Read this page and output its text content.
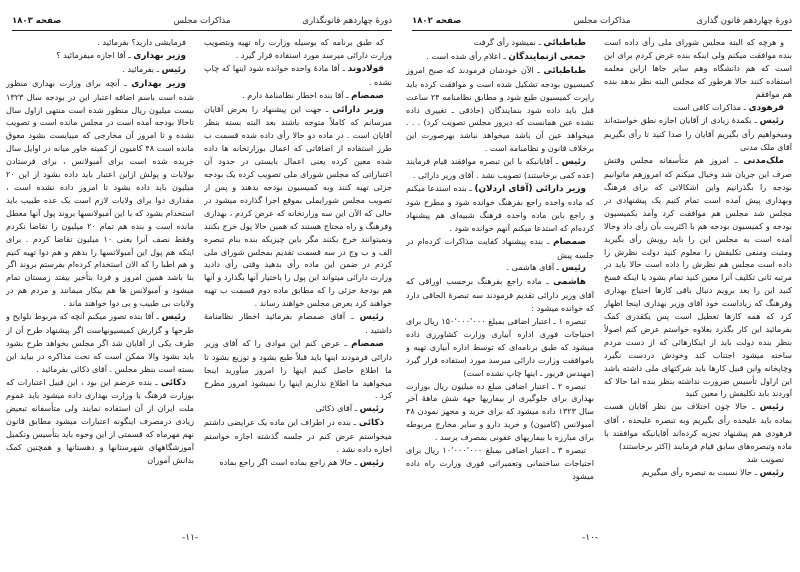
دورهٔ چهاردهم قانونگذاری
مذاکرات مجلس
صفحه ۱۸۰۳

که طبق برنامه که بوسیله وزارت راه تهیه وبتصویب وزارت دارائی میرسد مورد استفاده قرار گیرد .

فولادوند ـ آقا مادهٔ واحده خوانده شود اینها که چاپ نشده .

صمصام ـ آقا بنده اخطار نظامنامهٔ دارم .

وزیر دارائی ـ جهت این پیشنهاد را بعرض آقایان میرسانم که کاملاً متوجه باشند بعد البته بسته بنظر آقایان است . در ماده دو حالا رأی داده شده قسمت ب طرز استفاده از اضافاتی که اعمال بوزارتخانه ها داده شده معین کرده یعنی اعمال بایستی در حدود آن اعتباراتی که مجلس شورای ملی تصویب کرده یک بودجه جزئی تهیه کنند وبه کمیسیون بودجه بدهند و پس از تصویب مجلس شورایملی بموقع اجرا گذارده میشود در حالی که الآن این سه وزارتخانه که عرض کردم ، بهداری وفرهنگ و راه محتاج هستند که همین حالا پول خرج بکنند ونمیتوانند خرج بکنند مگر باین چیزیکه بنده بنام تبصره الف و ب وج در سه قسمت تقدیم بمجلس شورای ملی کردم در ضمن این ماده رأی بدهید وقتی رأی دادید وزارت دارائی میتواند این پول را باختیار آنها بگذارد و آنها هم بودجهٔ جزئی را که مطابق ماده دوم قسمت ب تهیه خواهند کرد بعرض مجلس خواهند رساند .

رئیس ـ آقای صمصام بفرمائید اخطار نظامنامهٔ داشتید .

صمصام ـ عرض کنم این موادی را که آقای وزیر دارائی فرمودند اینها باید قبلاً طبع بشود و توزیع بشود تا ما اطلاع حاصل کنیم اینها را امروز میآورید اینجا میخواهید ما اطلاع نداریم اینها را نمیشود امروز مطرح کرد .

رئیس ـ آقای ذکائی

ذکائی ـ بنده در اطراف این ماده یک عرایضی داشتم میخواستم عرض کنم در جلسه گذشته اجازه خواستم اجازه داده نشد .

رئیس ـ حالا هم راجع بماده است اگر راجع بماده

فرمایشی دارید؟ بفرمائید .

وزیر بهداری ـ آقا اجازه میفرمائید ؟

رئیس ـ بفرمائید .

وزیر بهداری ـ آنچه برای وزارت بهداری منظور شده است باسم اضافه اعتبار این در بودجه سال ۱۳۲۳ بیست میلیون ریال منظور شده است منتهی ازاول سال تاحالا بودجه آمده است در مجلس مانده است و تصویب نشده و تا امروز آن مخارجی که میبایست بشود معوق مانده است ۴۸ کامیون از کمیته خاور میانه در اوایل سال خریده شده است برای آمبولانس ، برای فرستادن بولایات و پولش ازاین اعتبار باید داده بشود از این ۲۰ میلیون باید داده بشود تا امروز داده نشده است ، مقداری دوا برای ولایات لازم است یک عده طبیب باید استخدام بشود که با این آمبولانسها بروند پول آنها معطل مانده است و بنده هم تمام ۲۰ میلیون را تقاضا نکردم وفقط نصف آنرا یعنی ۱۰ میلیون تقاضا کردم . برای اینکه هم پول این آمبولانسها را بدهم و هم دوا تهیه کنیم و هم اطبا را که الان استخدام کرده‌ام بفرستم بروند اگر بنا باشد همین امروز و فردا بتأخیر بیفتد زمستان تمام میشود و آمبولانس ها هم بیکار میمانند و مردم هم در ولایات بی طبیب و بی دوا خواهند ماند .

رئیس ـ آقا بنده تصور میکنم آنچه که مربوط بلوایح و طرحها و گزارش کمیسیونهاست اگر پیشنهاد طرح آن از طرف یکی از آقایان شد اگر مجلس بخواهد طرح بشود باید بشود والا ممکن است که تحت مذاکره در بیاید این بسته است بنظر مجلس . آقای ذکائی بفرمائید .

ذکائی ـ بنده عرضم این بود ، این قبیل اعتبارات که بوزارت فرهنگ یا وزارت بهداری داده میشود باید عموم ملت ایران از آن استفاده نمایند ولی متأسفانه تبعیض زیادی درمصرف اینگونه اعتبارات میشود مطابق قانون نهم مهرماه که قسمتی از این وجوه باید بتأسیس وتکمیل آموزشگاههای شهرستانها و دهستانها و همچنین کمک بدانش آموزان

-۱۱-
دورهٔ چهاردهم قانون گذاری
مذاکرات مجلس
صفحه ۱۸۰۲

و هرچه که البته مجلس شورای ملی رأی داده است بنده موافقت میکنم ولی اینکه بنده عرض کردم برای این است که هم دانشگاه وهم سایر جاها ازاین معلمه استفاده کنند حالا هرطور که مجلس البته نظر بدهد بنده هم موافقم

فرهودی ـ مذاکرات کافی است

رئیس ـ بکمدهٔ زیادی از آقایان اجازه نطق خواسته‌اند ومیخواهیم رأی بگیریم آقایان را صدا کنید تا رأی بگیریم آقای ملک مدنی

ملک‌مدنی ـ امروز هم متأسفانه مجلس وقتش صرف این جریان شد وخیال میکنم که امروزهم ماتوانیم بودجه را بگذرانیم واین اشکالاتی که برای فرهنگ وبهداری پیش آمده است تمام کنیم یک پیشنهادی در مجلس شد مجلس هم موافقت کرد وآمد بکمیسیون بودجه و کمیسیون بودجه هم با اکثریت بآن رأی داد وحالا آمده است به مجلس این را باید رویش رأی بگیرید ومثبت ومنفی تکلیفش را معلوم کنید دولت نظرش را داده است مجلس هم نظرش را داده است حالا باید در مرتبه ثانی تکلیف آنرا معین کنید تمام بشود یا اینکه فسخ کنید این را بعد برویم دنبال باقی کارها احتیاج بهداری وفرهنگ که زیاداست خود آقای وزیر بهداری اینجا اظهار کرد که همه کارها تعطیل است پس یکقدری کمک بفرمائید این کار بگذرد بعلاوه خواستم عرض کنم اصولاً بنظر بنده دولت باید از اینکارهائی که از دست مردم ساخته میشود اجتناب کند وخودش دردست نگیرد وچاپخانه واین قبیل کارها باید شرکتهای ملی داشته باشد این ازاول تأسیس ضرورت نداشته بنظر بنده اما حالا که آوردند باید تکلیفش را معین کنید

رئیس ـ حالا چون اختلاف بین نظر آقایان هست بماده باید علیحده رأی بگیریم وبه تبصره علیحده ، آقای فرهودی هم پیشنهاد تجزیه کرده‌اند آقایانیکه موافقند با ماده وتبصره‌های سابق قیام فرمایند (اکثر برخاستند)

تصویب شد

رئیس ـ حالا نسبت به تبصره رأی میگیریم

طباطبائی ـ نمیشود رأی گرفت

جمعی ازنمایندگان ـ اعلام رأی شده است .

طباطبائی ـ الآن خودشان فرمودند که صبح امروز کمیسیون بودجه تشکیل شده است و موافقت کرده باید راپرت کمیسیون طبع شود و مطابق نظامنامه ۲۴ ساعت قبل باید داده شود بنمایندگان (حاذقی ـ تغییری داده نشده عین همانست که دیروز مجلس تصویب کرد) . . . میخواهد عین آن باشد میخواهد نباشد بهرصورت این برخلاف قانون و نظامنامه است .

رئیس ـ آقایانیکه با این تبصره موافقند قیام فرمایند (عده کمی برخاستند) تصویب نشد . آقای وزیر دارائی .

وزیر دارائی (آقای اردلان) ـ بنده استدعا میکنم که ماده واحده راجع بفرهنگ خوانده شود و مطرح شود و راجع باین ماده واحده فرهنگ شبیه‌ای هم پیشنهاد کرده‌ام که استدعا میکنم آنهم خوانده شود .

صمصام ـ بنده پیشنهاد کفایت مذاکرات کرده‌ام در جلسه پیش

رئیس ـ آقای هاشمی .

هاشمی ـ ماده راجع بفرهنگ برحسب اوراقی که آقای وزیر دارائی تقدیم فرمودند سه تبصرهٔ الحاقی دارد که خوانده میشود :

تبصره ۱ ـ اعتبار اضافی بمبلغ ۱۵۰٬۰۰۰٬۰۰۰ ریال برای احتیاجات فوری اداره آبیاری وزارت کشاورزی داده میشود که طبق برنامه‌ای که توسط اداره آبیاری تهیه و باموافقت وزارت دارائی میرسد مورد استفاده قرار گیرد (مهندس فریور ـ اینها چاپ نشده است)

تبصره ۲ ـ اعتبار اضافی مبلغ ده میلیون ریال بوزارت بهداری برای جلوگیری از بیماریها جهة شش ماههٔ آخر سال ۱۳۲۳ داده میشود که برای خرید و مجهز نمودن ۴۸ آمبولانس (کامیون) و خرید دارو و سایر مخارج مربوطه برای مبارزه با بیماریهای عفونی بمصرف برسد .

تبصره ۳ ـ اعتبار اضافی بمبلغ ۱۰٬۰۰۰٬۰۰۰ ریال برای احتیاجات ساختمانی وتعمیراتی فوری وزارت راه داده میشود

-۱۰-
